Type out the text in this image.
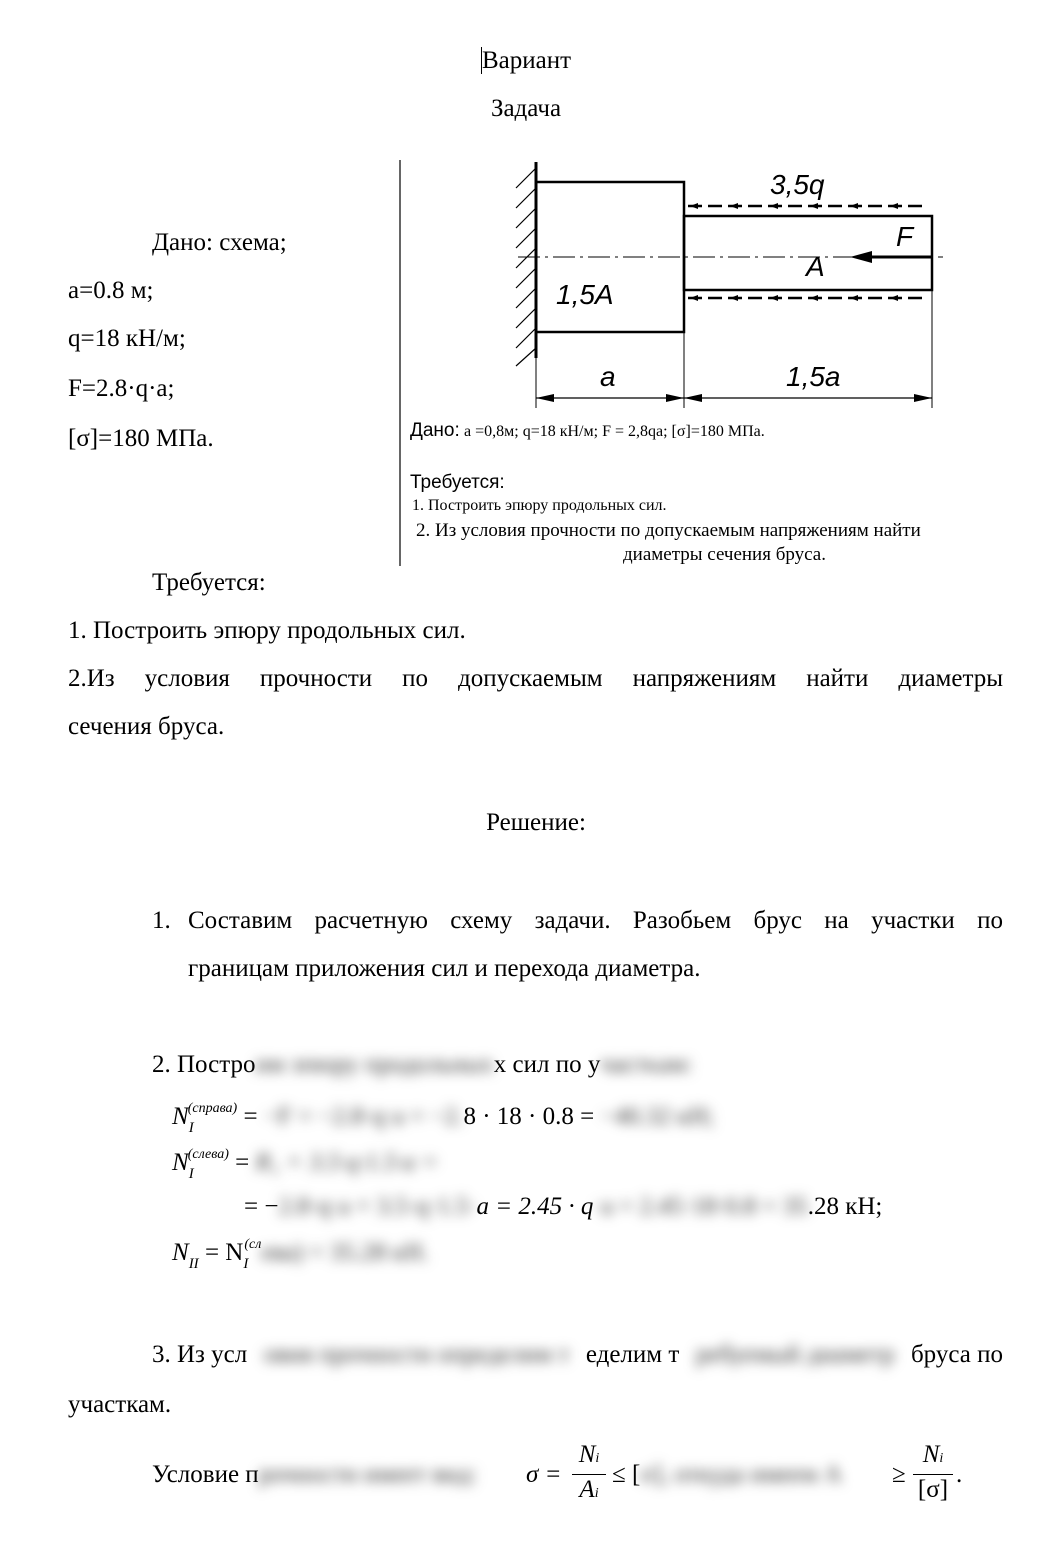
Вариант
Задача
Дано: схема;
a=0.8 м;
q=18 кН/м;
F=2.8·q·a;
[σ]=180 МПа.
3,5q
F
A
1,5A
a	1,5a
Дано: a =0,8м; q=18 кН/м; F = 2,8qa; [σ]=180 МПа.
Требуется:
1. Построить эпюру продольных сил.
2. Из условия прочности по допускаемым напряжениям найти
диаметры сечения бруса.
Требуется:
1. Построить эпюру продольных сил.
2.Из условия прочности по допускаемым напряжениям найти диаметры
сечения бруса.
Решение:
1. Составим расчетную схему задачи. Разобьем брус на участки по
границам приложения сил и перехода диаметра.
2. Построим эпюру продольныхх сил по участκам:
$N_I^{(справа)} = -F = -2.8\cdot q\cdot a = -2.8 \cdot 18 \cdot 0.8 = -40.32$ кН;
$N_I^{(слева)} = R_1 + 3.5\cdot q\cdot 1.5\cdot a$ =
= −2.8·q·a + 3.5·q·1.5·a = 2.45 · q·a = 2.45·18·0.8 = 35.28 кН;
$N_{II} = N_I^{(сл}ева) = 35.28$ кН.
3. Из усл овия прочности определим т еделим т ребуемый диаметр бруса по
участкам.
Условие прочности имеет вид: $\sigma = \frac{Ni}{Ai} \le [\sigma]$, откуда имеем $A \ge \frac{Ni}{[\sigma]}$ .
